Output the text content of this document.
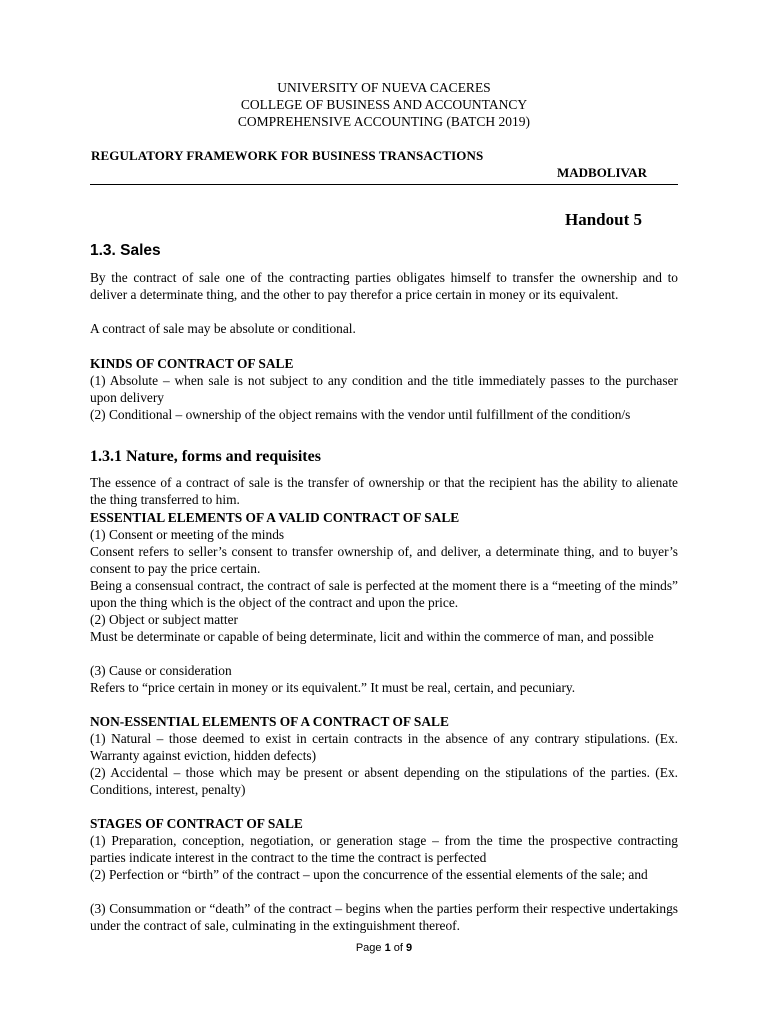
UNIVERSITY OF NUEVA CACERES
COLLEGE OF BUSINESS AND ACCOUNTANCY
COMPREHENSIVE ACCOUNTING (BATCH 2019)
REGULATORY FRAMEWORK FOR BUSINESS TRANSACTIONS
MADBOLIVAR
Handout 5
1.3. Sales
By the contract of sale one of the contracting parties obligates himself to transfer the ownership and to deliver a determinate thing, and the other to pay therefor a price certain in money or its equivalent.
A contract of sale may be absolute or conditional.
KINDS OF CONTRACT OF SALE
(1) Absolute – when sale is not subject to any condition and the title immediately passes to the purchaser upon delivery
(2) Conditional – ownership of the object remains with the vendor until fulfillment of the condition/s
1.3.1 Nature, forms and requisites
The essence of a contract of sale is the transfer of ownership or that the recipient has the ability to alienate the thing transferred to him.
ESSENTIAL ELEMENTS OF A VALID CONTRACT OF SALE
(1) Consent or meeting of the minds
Consent refers to seller’s consent to transfer ownership of, and deliver, a determinate thing, and to buyer’s consent to pay the price certain.
Being a consensual contract, the contract of sale is perfected at the moment there is a “meeting of the minds” upon the thing which is the object of the contract and upon the price.
(2) Object or subject matter
Must be determinate or capable of being determinate, licit and within the commerce of man, and possible
(3) Cause or consideration
Refers to “price certain in money or its equivalent.” It must be real, certain, and pecuniary.
NON-ESSENTIAL ELEMENTS OF A CONTRACT OF SALE
(1) Natural – those deemed to exist in certain contracts in the absence of any contrary stipulations. (Ex. Warranty against eviction, hidden defects)
(2) Accidental – those which may be present or absent depending on the stipulations of the parties. (Ex. Conditions, interest, penalty)
STAGES OF CONTRACT OF SALE
(1) Preparation, conception, negotiation, or generation stage – from the time the prospective contracting parties indicate interest in the contract to the time the contract is perfected
(2) Perfection or “birth” of the contract – upon the concurrence of the essential elements of the sale; and
(3) Consummation or “death” of the contract – begins when the parties perform their respective undertakings under the contract of sale, culminating in the extinguishment thereof.
Page 1 of 9
